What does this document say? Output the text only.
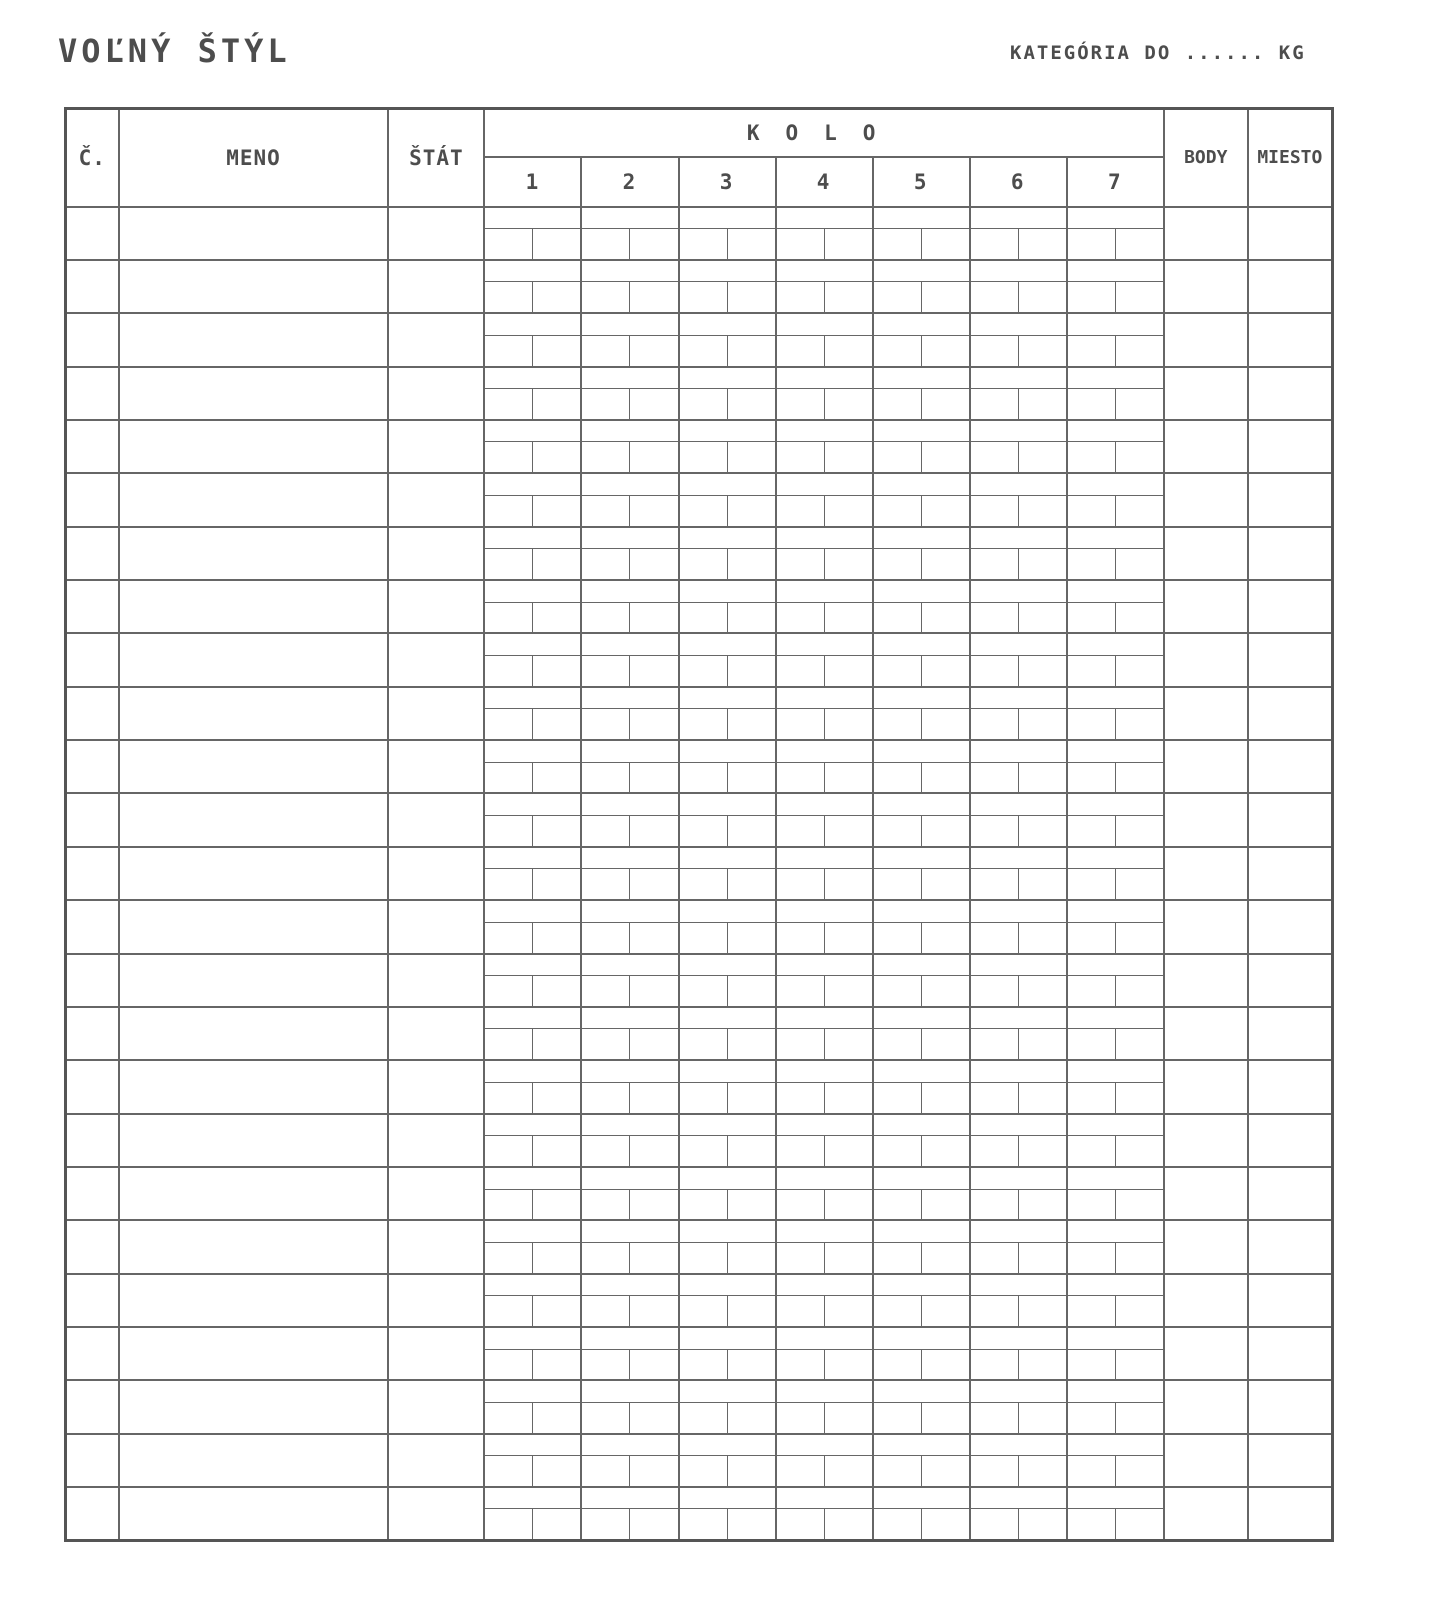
VOĽNÝ ŠTÝL	KATEGÓRIA DO ...... KG
Č.	MENO	ŠTÁT	KOLO							BODY	MIESTO
			1	2	3	4	5	6	7		
